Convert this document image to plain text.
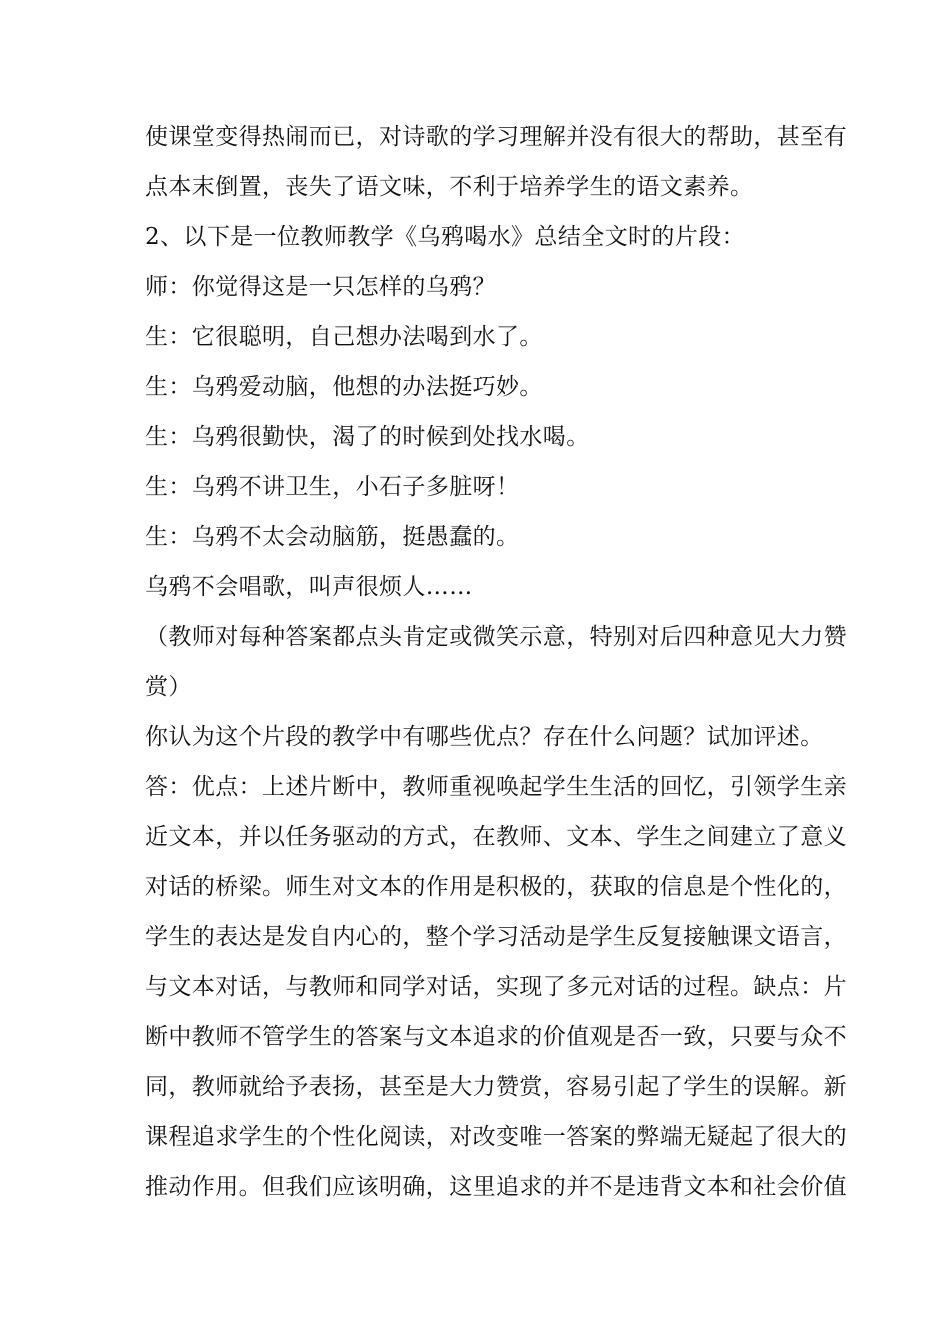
使课堂变得热闹而已，对诗歌的学习理解并没有很大的帮助，甚至有
点本末倒置，丧失了语文味，不利于培养学生的语文素养。
2、以下是一位教师教学《乌鸦喝水》总结全文时的片段：
师：你觉得这是一只怎样的乌鸦？
生：它很聪明，自己想办法喝到水了。
生：乌鸦爱动脑，他想的办法挺巧妙。
生：乌鸦很勤快，渴了的时候到处找水喝。
生：乌鸦不讲卫生，小石子多脏呀！
生：乌鸦不太会动脑筋，挺愚蠢的。
乌鸦不会唱歌，叫声很烦人……
（教师对每种答案都点头肯定或微笑示意，特别对后四种意见大力赞
赏）
你认为这个片段的教学中有哪些优点？存在什么问题？试加评述。
答：优点：上述片断中，教师重视唤起学生生活的回忆，引领学生亲
近文本，并以任务驱动的方式，在教师、文本、学生之间建立了意义
对话的桥梁。师生对文本的作用是积极的，获取的信息是个性化的，
学生的表达是发自内心的，整个学习活动是学生反复接触课文语言，
与文本对话，与教师和同学对话，实现了多元对话的过程。缺点：片
断中教师不管学生的答案与文本追求的价值观是否一致，只要与众不
同，教师就给予表扬，甚至是大力赞赏，容易引起了学生的误解。新
课程追求学生的个性化阅读，对改变唯一答案的弊端无疑起了很大的
推动作用。但我们应该明确，这里追求的并不是违背文本和社会价值
